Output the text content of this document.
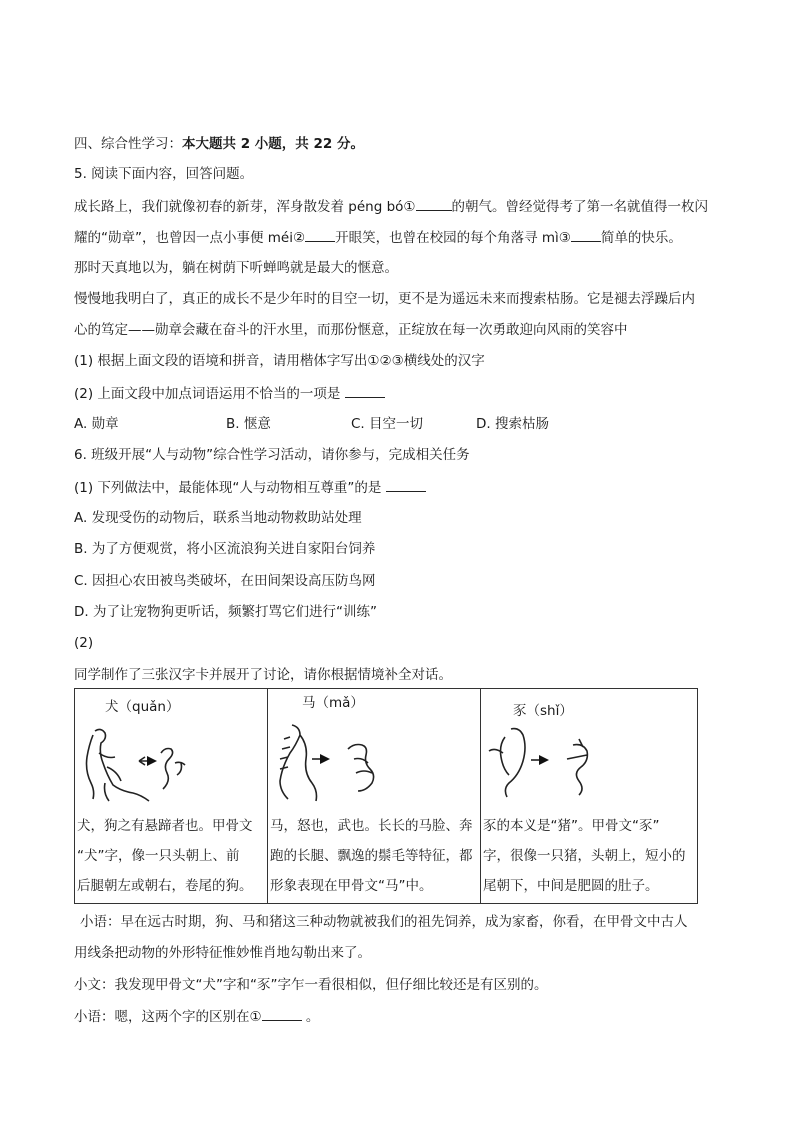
四、综合性学习：本大题共 2 小题，共 22 分。
5. 阅读下面内容，回答问题。
成长路上，我们就像初春的新芽，浑身散发着 péng bó①	的朝气。曾经觉得考了第一名就值得一枚闪
耀的“勋章”，也曾因一点小事便 méi② 开眼笑，也曾在校园的每个角落寻 mì③ 简单的快乐。
那时天真地以为，躺在树荫下听蝉鸣就是最大的惬意。
慢慢地我明白了，真正的成长不是少年时的目空一切，更不是为遥远未来而搜索枯肠。它是褪去浮躁后内
心的笃定——勋章会藏在奋斗的汗水里，而那份惬意，正绽放在每一次勇敢迎向风雨的笑容中
(1) 根据上面文段的语境和拼音，请用楷体字写出①②③横线处的汉字
(2) 上面文段中加点词语运用不恰当的一项是
A. 勋章	B. 惬意	C. 目空一切	D. 搜索枯肠
6. 班级开展“人与动物”综合性学习活动，请你参与，完成相关任务
(1) 下列做法中，最能体现“人与动物相互尊重”的是
A. 发现受伤的动物后，联系当地动物救助站处理
B. 为了方便观赏，将小区流浪狗关进自家阳台饲养
C. 因担心农田被鸟类破坏，在田间架设高压防鸟网
D. 为了让宠物狗更听话，频繁打骂它们进行“训练”
(2)
同学制作了三张汉字卡并展开了讨论，请你根据情境补全对话。
犬（quǎn）
犬，狗之有悬蹄者也。甲骨文
“犬”字，像一只头朝上、前
后腿朝左或朝右，卷尾的狗。
马（mǎ）
马，怒也，武也。长长的马脸、奔
跑的长腿、飘逸的鬃毛等特征，都
形象表现在甲骨文“马”中。
豕（shǐ）
豕的本义是“猪”。甲骨文“豕”
字，很像一只猪，头朝上，短小的
尾朝下，中间是肥圆的肚子。
小语：早在远古时期，狗、马和猪这三种动物就被我们的祖先饲养，成为家畜，你看，在甲骨文中古人
用线条把动物的外形特征惟妙惟肖地勾勒出来了。
小文：我发现甲骨文“犬”字和“豕”字乍一看很相似，但仔细比较还是有区别的。
小语：嗯，这两个字的区别在①	。
